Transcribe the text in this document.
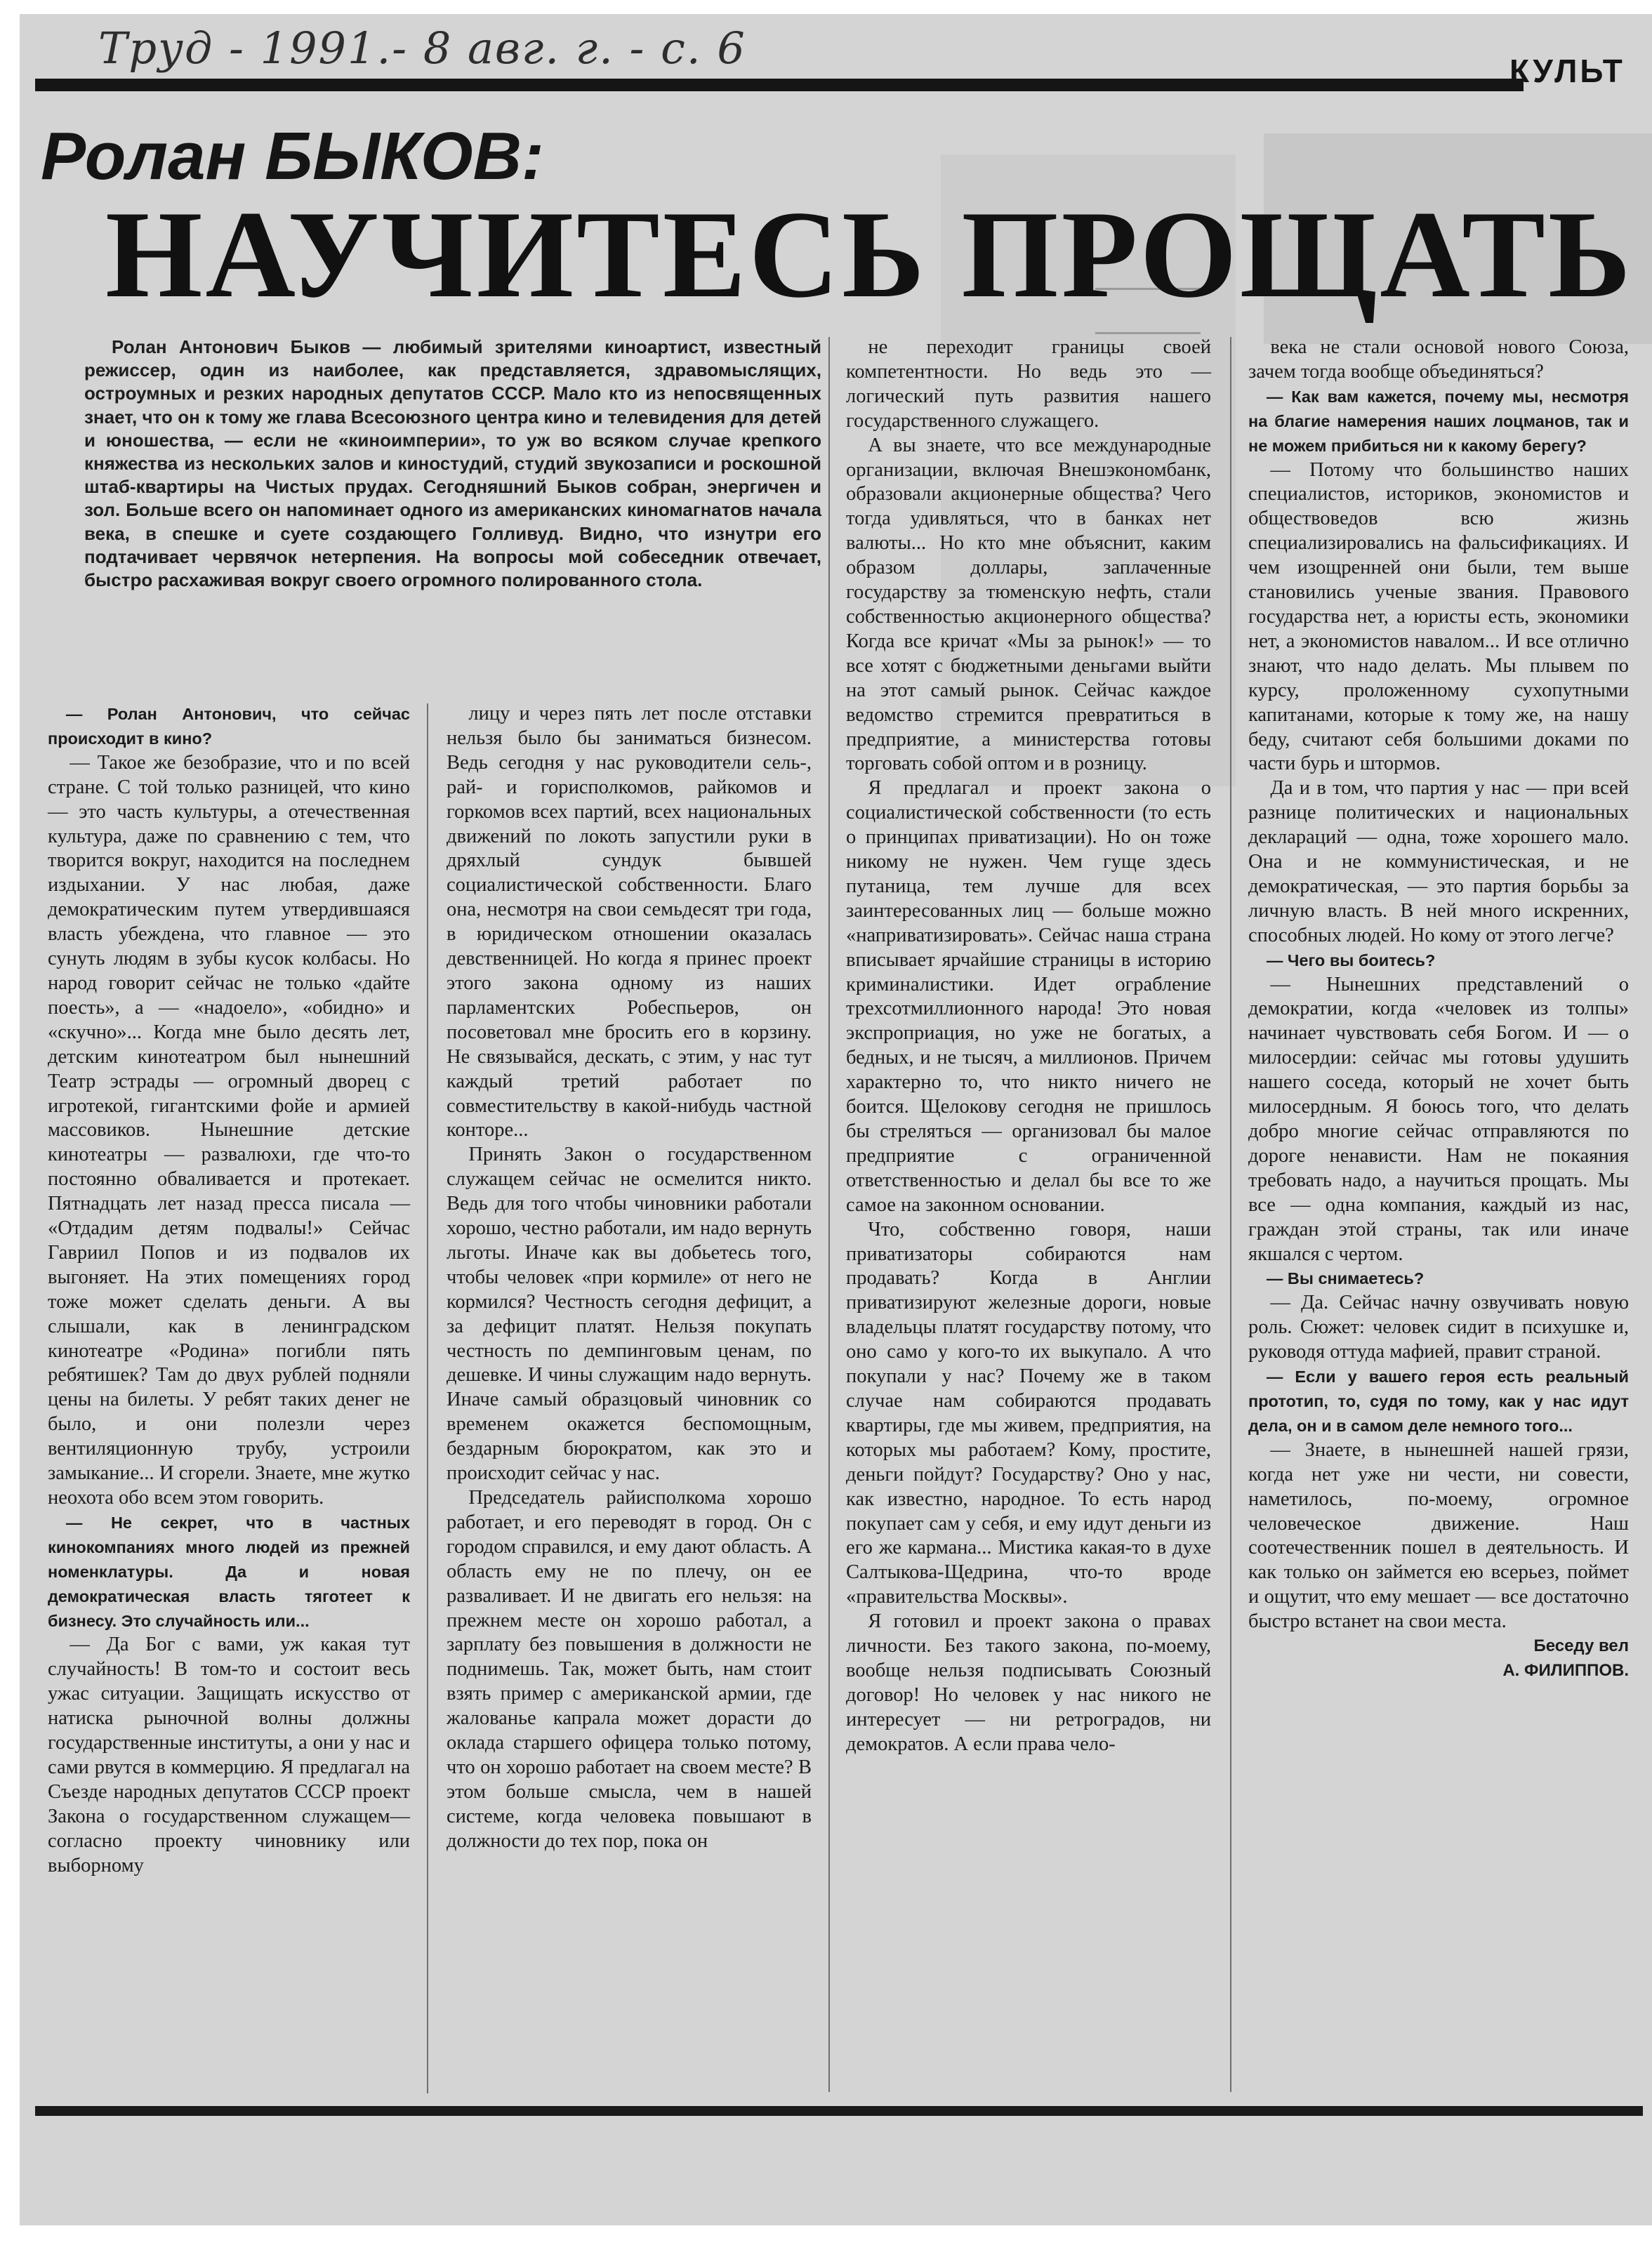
Труд - 1991.- 8 авг. г. - с. 6	КУЛЬТ
Ролан БЫКОВ:
НАУЧИТЕСЬ ПРОЩАТЬ
Ролан Антонович Быков — любимый зрителями киноартист, известный режиссер, один из наиболее, как представляется, здравомыслящих, остроумных и резких народных депутатов СССР. Мало кто из непосвященных знает, что он к тому же глава Всесоюзного центра кино и телевидения для детей и юношества, — если не «киноимперии», то уж во всяком случае крепкого княжества из нескольких залов и киностудий, студий звукозаписи и роскошной штаб-квартиры на Чистых прудах. Сегодняшний Быков собран, энергичен и зол. Больше всего он напоминает одного из американских киномагнатов начала века, в спешке и суете создающего Голливуд. Видно, что изнутри его подтачивает червячок нетерпения. На вопросы мой собеседник отвечает, быстро расхаживая вокруг своего огромного полированного стола.

— Ролан Антонович, что сейчас происходит в кино?

— Такое же безобразие, что и по всей стране. С той только разницей, что кино — это часть культуры, а отечественная культура, даже по сравнению с тем, что творится вокруг, находится на последнем издыхании. У нас любая, даже демократическим путем утвердившаяся власть убеждена, что главное — это сунуть людям в зубы кусок колбасы. Но народ говорит сейчас не только «дайте поесть», а — «надоело», «обидно» и «скучно»... Когда мне было десять лет, детским кинотеатром был нынешний Театр эстрады — огромный дворец с игротекой, гигантскими фойе и армией массовиков. Нынешние детские кинотеатры — развалюхи, где что-то постоянно обваливается и протекает. Пятнадцать лет назад пресса писала — «Отдадим детям подвалы!» Сейчас Гавриил Попов и из подвалов их выгоняет. На этих помещениях город тоже может сделать деньги. А вы слышали, как в ленинградском кинотеатре «Родина» погибли пять ребятишек? Там до двух рублей подняли цены на билеты. У ребят таких денег не было, и они полезли через вентиляционную трубу, устроили замыкание... И сгорели. Знаете, мне жутко неохота обо всем этом говорить.

— Не секрет, что в частных кинокомпаниях много людей из прежней номенклатуры. Да и новая демократическая власть тяготеет к бизнесу. Это случайность или...

— Да Бог с вами, уж какая тут случайность! В том-то и состоит весь ужас ситуации. Защищать искусство от натиска рыночной волны должны государственные институты, а они у нас и сами рвутся в коммерцию. Я предлагал на Съезде народных депутатов СССР проект Закона о государственном служащем—согласно проекту чиновнику или выборному

лицу и через пять лет после отставки нельзя было бы заниматься бизнесом. Ведь сегодня у нас руководители сель-, рай- и горисполкомов, райкомов и горкомов всех партий, всех национальных движений по локоть запустили руки в дряхлый сундук бывшей социалистической собственности. Благо она, несмотря на свои семьдесят три года, в юридическом отношении оказалась девственницей. Но когда я принес проект этого закона одному из наших парламентских Робеспьеров, он посоветовал мне бросить его в корзину. Не связывайся, дескать, с этим, у нас тут каждый третий работает по совместительству в какой-нибудь частной конторе...

Принять Закон о государственном служащем сейчас не осмелится никто. Ведь для того чтобы чиновники работали хорошо, честно работали, им надо вернуть льготы. Иначе как вы добьетесь того, чтобы человек «при кормиле» от него не кормился? Честность сегодня дефицит, а за дефицит платят. Нельзя покупать честность по демпинговым ценам, по дешевке. И чины служащим надо вернуть. Иначе самый образцовый чиновник со временем окажется беспомощным, бездарным бюрократом, как это и происходит сейчас у нас.

Председатель райисполкома хорошо работает, и его переводят в город. Он с городом справился, и ему дают область. А область ему не по плечу, он ее разваливает. И не двигать его нельзя: на прежнем месте он хорошо работал, а зарплату без повышения в должности не поднимешь. Так, может быть, нам стоит взять пример с американской армии, где жалованье капрала может дорасти до оклада старшего офицера только потому, что он хорошо работает на своем месте? В этом больше смысла, чем в нашей системе, когда человека повышают в должности до тех пор, пока он

не переходит границы своей компетентности. Но ведь это — логический путь развития нашего государственного служащего.

А вы знаете, что все международные организации, включая Внешэкономбанк, образовали акционерные общества? Чего тогда удивляться, что в банках нет валюты... Но кто мне объяснит, каким образом доллары, заплаченные государству за тюменскую нефть, стали собственностью акционерного общества? Когда все кричат «Мы за рынок!» — то все хотят с бюджетными деньгами выйти на этот самый рынок. Сейчас каждое ведомство стремится превратиться в предприятие, а министерства готовы торговать собой оптом и в розницу.

Я предлагал и проект закона о социалистической собственности (то есть о принципах приватизации). Но он тоже никому не нужен. Чем гуще здесь путаница, тем лучше для всех заинтересованных лиц — больше можно «наприватизировать». Сейчас наша страна вписывает ярчайшие страницы в историю криминалистики. Идет ограбление трехсотмиллионного народа! Это новая экспроприация, но уже не богатых, а бедных, и не тысяч, а миллионов. Причем характерно то, что никто ничего не боится. Щелокову сегодня не пришлось бы стреляться — организовал бы малое предприятие с ограниченной ответственностью и делал бы все то же самое на законном основании.

Что, собственно говоря, наши приватизаторы собираются нам продавать? Когда в Англии приватизируют железные дороги, новые владельцы платят государству потому, что оно само у кого-то их выкупало. А что покупали у нас? Почему же в таком случае нам собираются продавать квартиры, где мы живем, предприятия, на которых мы работаем? Кому, простите, деньги пойдут? Государству? Оно у нас, как известно, народное. То есть народ покупает сам у себя, и ему идут деньги из его же кармана... Мистика какая-то в духе Салтыкова-Щедрина, что-то вроде «правительства Москвы».

Я готовил и проект закона о правах личности. Без такого закона, по-моему, вообще нельзя подписывать Союзный договор! Но человек у нас никого не интересует — ни ретроградов, ни демократов. А если права чело-

века не стали основой нового Союза, зачем тогда вообще объединяться?

— Как вам кажется, почему мы, несмотря на благие намерения наших лоцманов, так и не можем прибиться ни к какому берегу?

— Потому что большинство наших специалистов, историков, экономистов и обществоведов всю жизнь специализировались на фальсификациях. И чем изощренней они были, тем выше становились ученые звания. Правового государства нет, а юристы есть, экономики нет, а экономистов навалом... И все отлично знают, что надо делать. Мы плывем по курсу, проложенному сухопутными капитанами, которые к тому же, на нашу беду, считают себя большими доками по части бурь и штормов.

Да и в том, что партия у нас — при всей разнице политических и национальных деклараций — одна, тоже хорошего мало. Она и не коммунистическая, и не демократическая, — это партия борьбы за личную власть. В ней много искренних, способных людей. Но кому от этого легче?

— Чего вы боитесь?

— Нынешних представлений о демократии, когда «человек из толпы» начинает чувствовать себя Богом. И — о милосердии: сейчас мы готовы удушить нашего соседа, который не хочет быть милосердным. Я боюсь того, что делать добро многие сейчас отправляются по дороге ненависти. Нам не покаяния требовать надо, а научиться прощать. Мы все — одна компания, каждый из нас, граждан этой страны, так или иначе якшался с чертом.

— Вы снимаетесь?

— Да. Сейчас начну озвучивать новую роль. Сюжет: человек сидит в психушке и, руководя оттуда мафией, правит страной.

— Если у вашего героя есть реальный прототип, то, судя по тому, как у нас идут дела, он и в самом деле немного того...

— Знаете, в нынешней нашей грязи, когда нет уже ни чести, ни совести, наметилось, по-моему, огромное человеческое движение. Наш соотечественник пошел в деятельность. И как только он займется ею всерьез, поймет и ощутит, что ему мешает — все достаточно быстро встанет на свои места.

Беседу вел

А. ФИЛИППОВ.
